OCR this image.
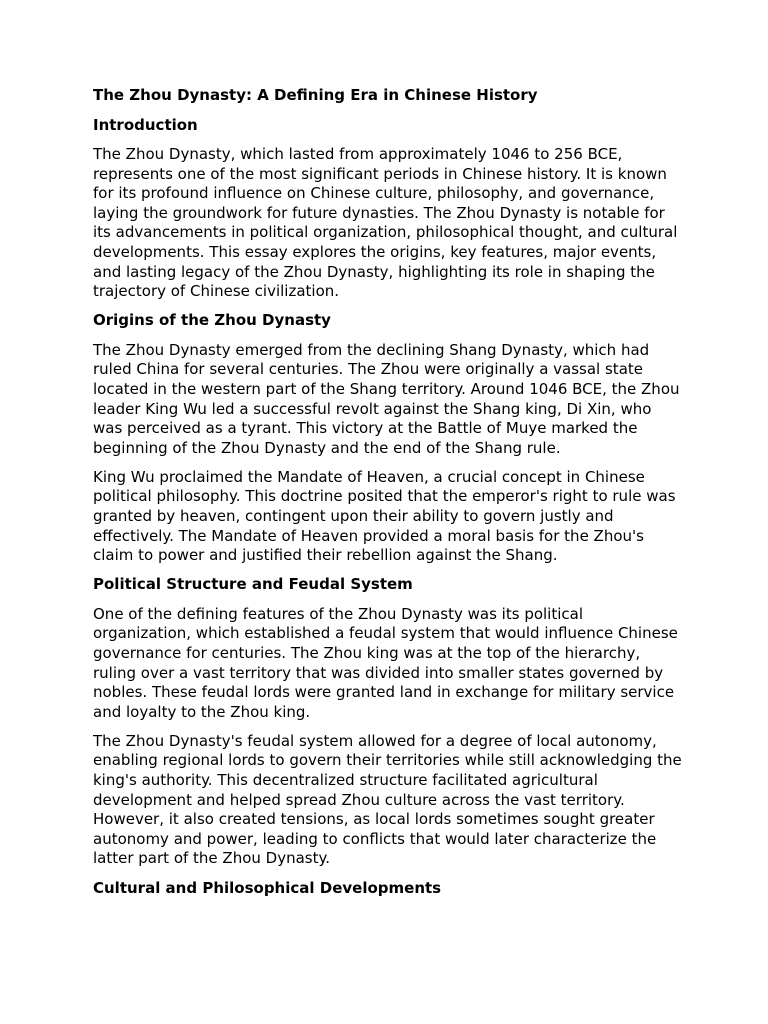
The Zhou Dynasty: A Defining Era in Chinese History
Introduction

The Zhou Dynasty, which lasted from approximately 1046 to 256 BCE, represents one of the most significant periods in Chinese history. It is known for its profound influence on Chinese culture, philosophy, and governance, laying the groundwork for future dynasties. The Zhou Dynasty is notable for its advancements in political organization, philosophical thought, and cultural developments. This essay explores the origins, key features, major events, and lasting legacy of the Zhou Dynasty, highlighting its role in shaping the trajectory of Chinese civilization.

Origins of the Zhou Dynasty

The Zhou Dynasty emerged from the declining Shang Dynasty, which had ruled China for several centuries. The Zhou were originally a vassal state located in the western part of the Shang territory. Around 1046 BCE, the Zhou leader King Wu led a successful revolt against the Shang king, Di Xin, who was perceived as a tyrant. This victory at the Battle of Muye marked the beginning of the Zhou Dynasty and the end of the Shang rule.

King Wu proclaimed the Mandate of Heaven, a crucial concept in Chinese political philosophy. This doctrine posited that the emperor's right to rule was granted by heaven, contingent upon their ability to govern justly and effectively. The Mandate of Heaven provided a moral basis for the Zhou's claim to power and justified their rebellion against the Shang.

Political Structure and Feudal System

One of the defining features of the Zhou Dynasty was its political organization, which established a feudal system that would influence Chinese governance for centuries. The Zhou king was at the top of the hierarchy, ruling over a vast territory that was divided into smaller states governed by nobles. These feudal lords were granted land in exchange for military service and loyalty to the Zhou king.

The Zhou Dynasty's feudal system allowed for a degree of local autonomy, enabling regional lords to govern their territories while still acknowledging the king's authority. This decentralized structure facilitated agricultural development and helped spread Zhou culture across the vast territory. However, it also created tensions, as local lords sometimes sought greater autonomy and power, leading to conflicts that would later characterize the latter part of the Zhou Dynasty.

Cultural and Philosophical Developments
